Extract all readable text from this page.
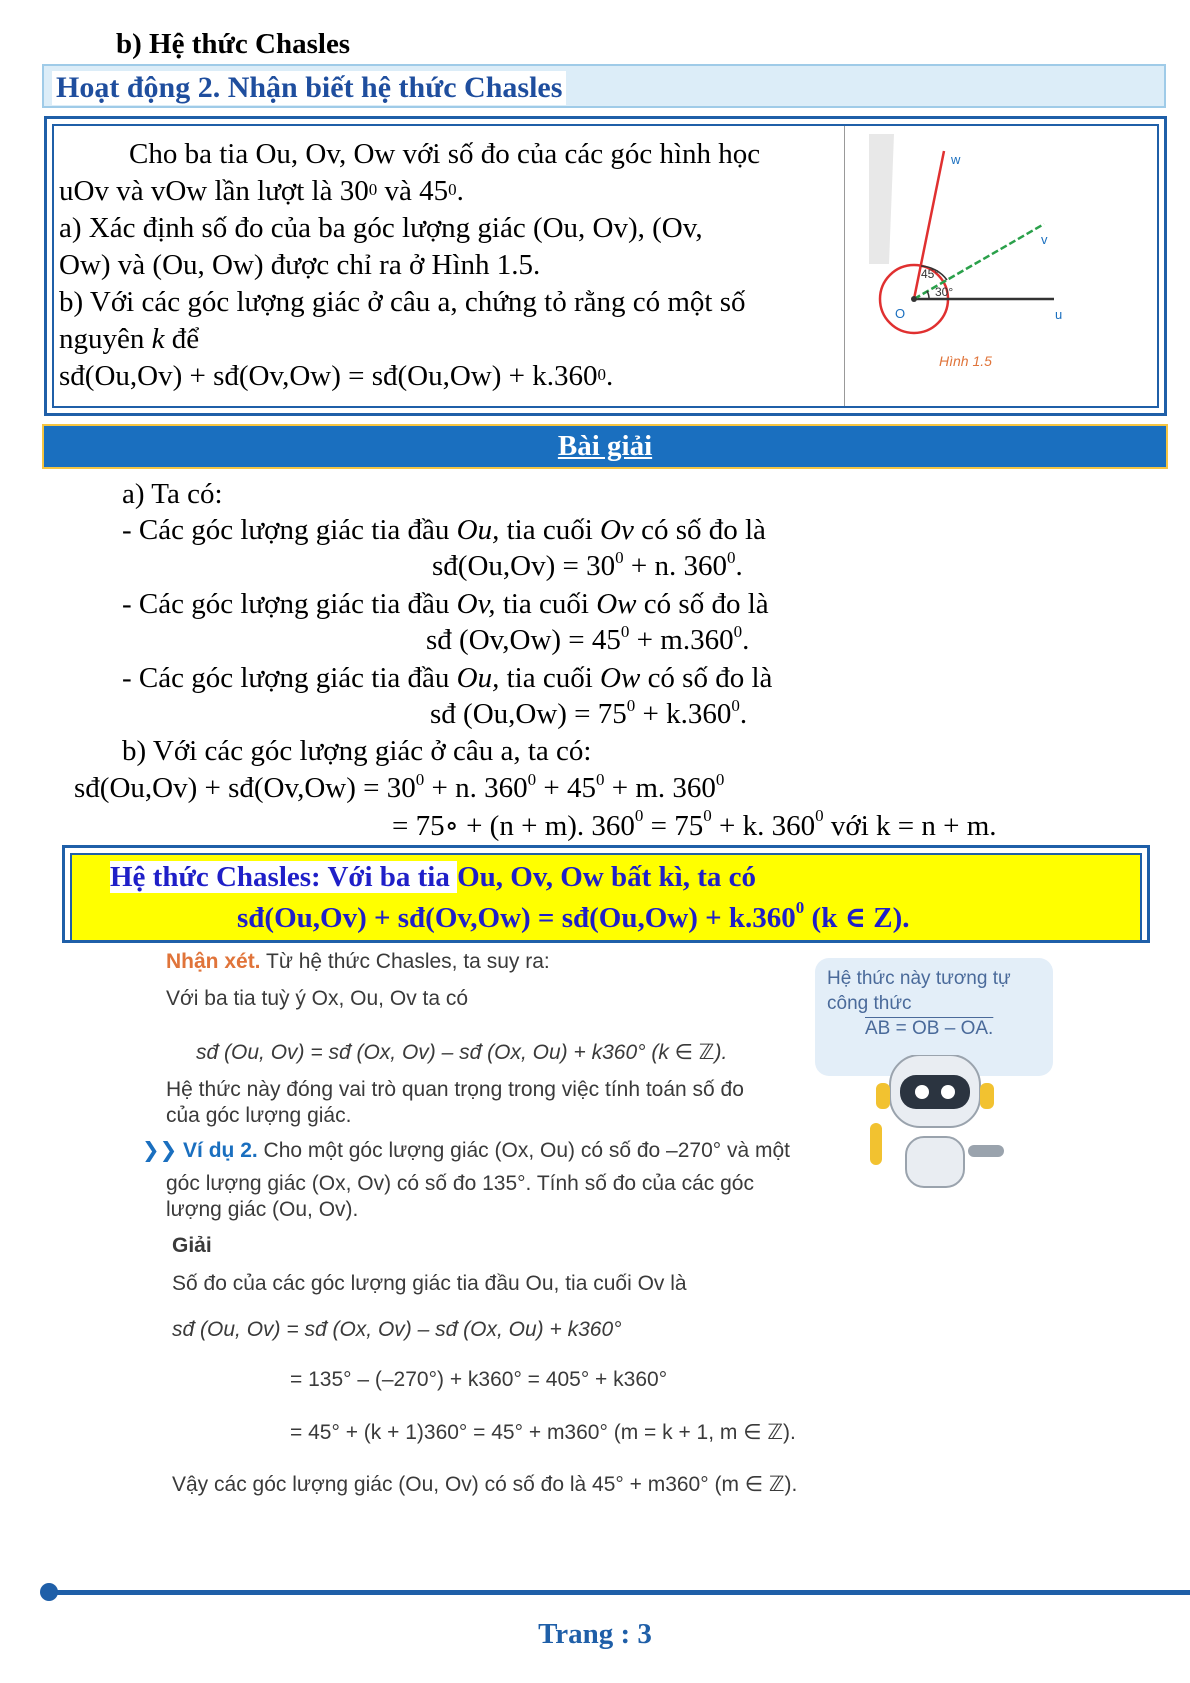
b) Hệ thức Chasles
Hoạt động 2. Nhận biết hệ thức Chasles
Cho ba tia Ou, Ov, Ow với số đo của các góc hình học
uOv và vOw lần lượt là $30^0$ và $45^0$.
a) Xác định số đo của ba góc lượng giác (Ou, Ov), (Ov,
Ow) và (Ou, Ow) được chỉ ra ở Hình 1.5.
b) Với các góc lượng giác ở câu a, chứng tỏ rằng có một số
nguyên k để
sđ(Ou,Ov) + sđ(Ov,Ow) = sđ(Ou,Ow) + $k.360^0$.
w
v
u
O
45°
30°
Hình 1.5
Bài giải
a) Ta có:
- Các góc lượng giác tia đầu Ou, tia cuối Ov có số đo là
sđ(Ou,Ov) = $30^0 + n$. $360^0$.
- Các góc lượng giác tia đầu Ov, tia cuối Ow có số đo là
sđ $(Ov,Ow) = 45^0 + m.360^0$.
- Các góc lượng giác tia đầu Ou, tia cuối Ow có số đo là
sđ $(Ou,Ow) = 75^0 + k.360^0$.
b) Với các góc lượng giác ở câu a, ta có:
sđ(Ou,Ov) + sđ(Ov,Ow) = $30^0 + n$. $360^0 + 45^0 + m$. $360^0$
= 75∘ + (n + m). $360^0 = 75^0 + k$. $360^0$ với k = n + m.
Hệ thức Chasles: Với ba tia Ou, Ov, Ow bất kì, ta có
sđ(Ou,Ov) + sđ(Ov,Ow) = sđ(Ou,Ow) + $k.360^0$ (k ∈ Z).
Nhận xét. Từ hệ thức Chasles, ta suy ra:
Với ba tia tuỳ ý Ox, Ou, Ov ta có
sđ (Ou, Ov) = sđ (Ox, Ov) – sđ (Ox, Ou) + k360° (k ∈ ℤ).
Hệ thức này đóng vai trò quan trọng trong việc tính toán số đo
của góc lượng giác.
Hệ thức này tương tự
công thức
AB = OB – OA.
❯❯ Ví dụ 2. Cho một góc lượng giác (Ox, Ou) có số đo –270° và một
góc lượng giác (Ox, Ov) có số đo 135°. Tính số đo của các góc
lượng giác (Ou, Ov).
Giải
Số đo của các góc lượng giác tia đầu Ou, tia cuối Ov là
sđ (Ou, Ov) = sđ (Ox, Ov) – sđ (Ox, Ou) + k360°
= 135° – (–270°) + k360° = 405° + k360°
= 45° + (k + 1)360° = 45° + m360° (m = k + 1, m ∈ ℤ).
Vậy các góc lượng giác (Ou, Ov) có số đo là 45° + m360° (m ∈ ℤ).
Trang : 3
